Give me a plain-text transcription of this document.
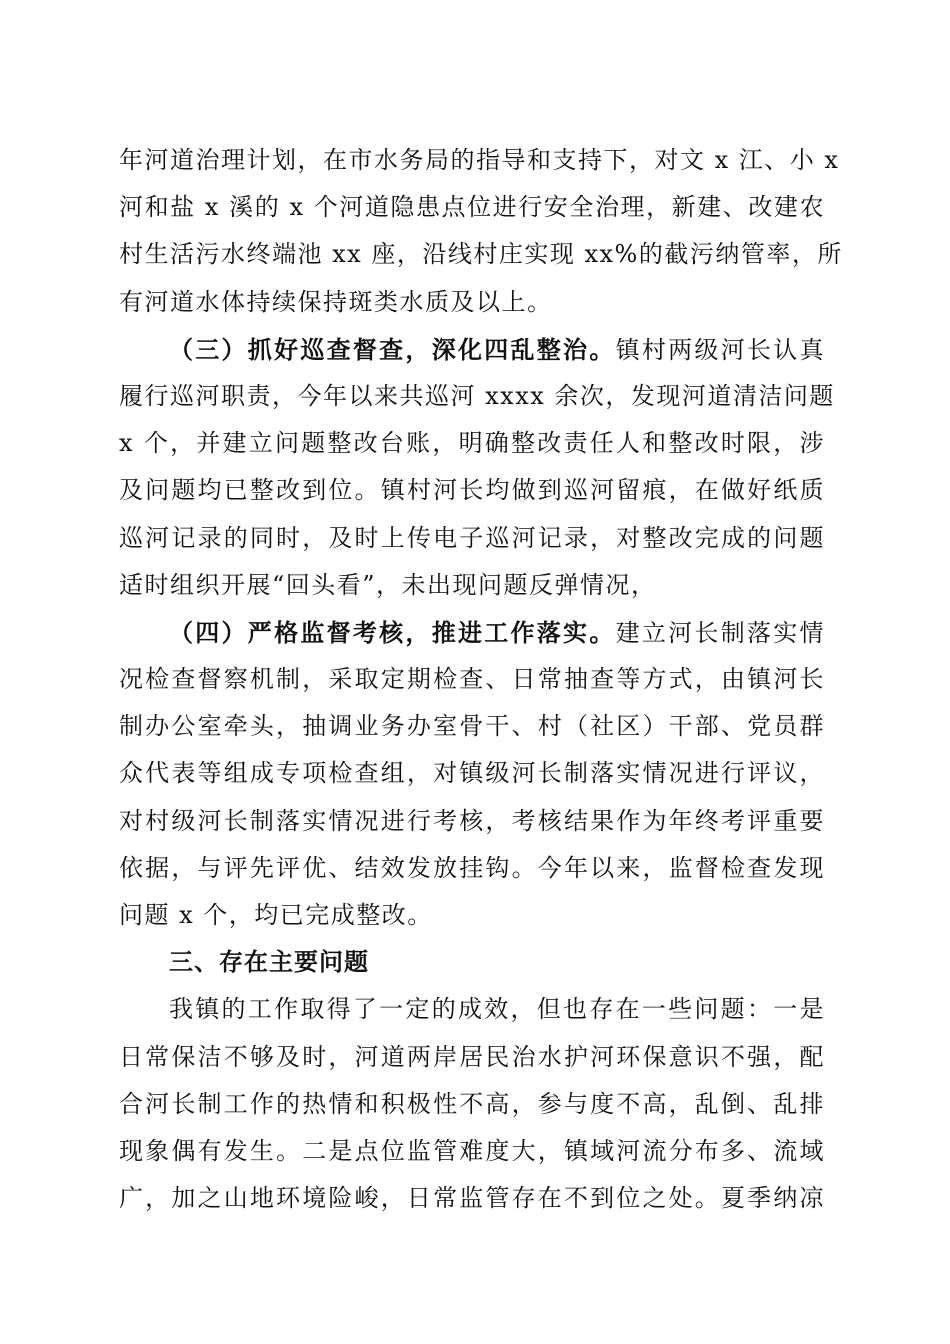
年河道治理计划，在市水务局的指导和支持下，对文 x 江、小 x
河和盐 x 溪的 x 个河道隐患点位进行安全治理，新建、改建农
村生活污水终端池 xx 座，沿线村庄实现 xx%的截污纳管率，所
有河道水体持续保持斑类水质及以上。
（三）抓好巡查督查，深化四乱整治。镇村两级河长认真
履行巡河职责，今年以来共巡河 xxxx 余次，发现河道清洁问题
x 个，并建立问题整改台账，明确整改责任人和整改时限，涉
及问题均已整改到位。镇村河长均做到巡河留痕，在做好纸质
巡河记录的同时，及时上传电子巡河记录，对整改完成的问题
适时组织开展“回头看”，未出现问题反弹情况，
（四）严格监督考核，推进工作落实。建立河长制落实情
况检查督察机制，采取定期检查、日常抽查等方式，由镇河长
制办公室牵头，抽调业务办室骨干、村（社区）干部、党员群
众代表等组成专项检查组，对镇级河长制落实情况进行评议，
对村级河长制落实情况进行考核，考核结果作为年终考评重要
依据，与评先评优、结效发放挂钩。今年以来，监督检查发现
问题 x 个，均已完成整改。
三、存在主要问题
我镇的工作取得了一定的成效，但也存在一些问题：一是
日常保洁不够及时，河道两岸居民治水护河环保意识不强，配
合河长制工作的热情和积极性不高，参与度不高，乱倒、乱排
现象偶有发生。二是点位监管难度大，镇域河流分布多、流域
广，加之山地环境险峻，日常监管存在不到位之处。夏季纳凉
